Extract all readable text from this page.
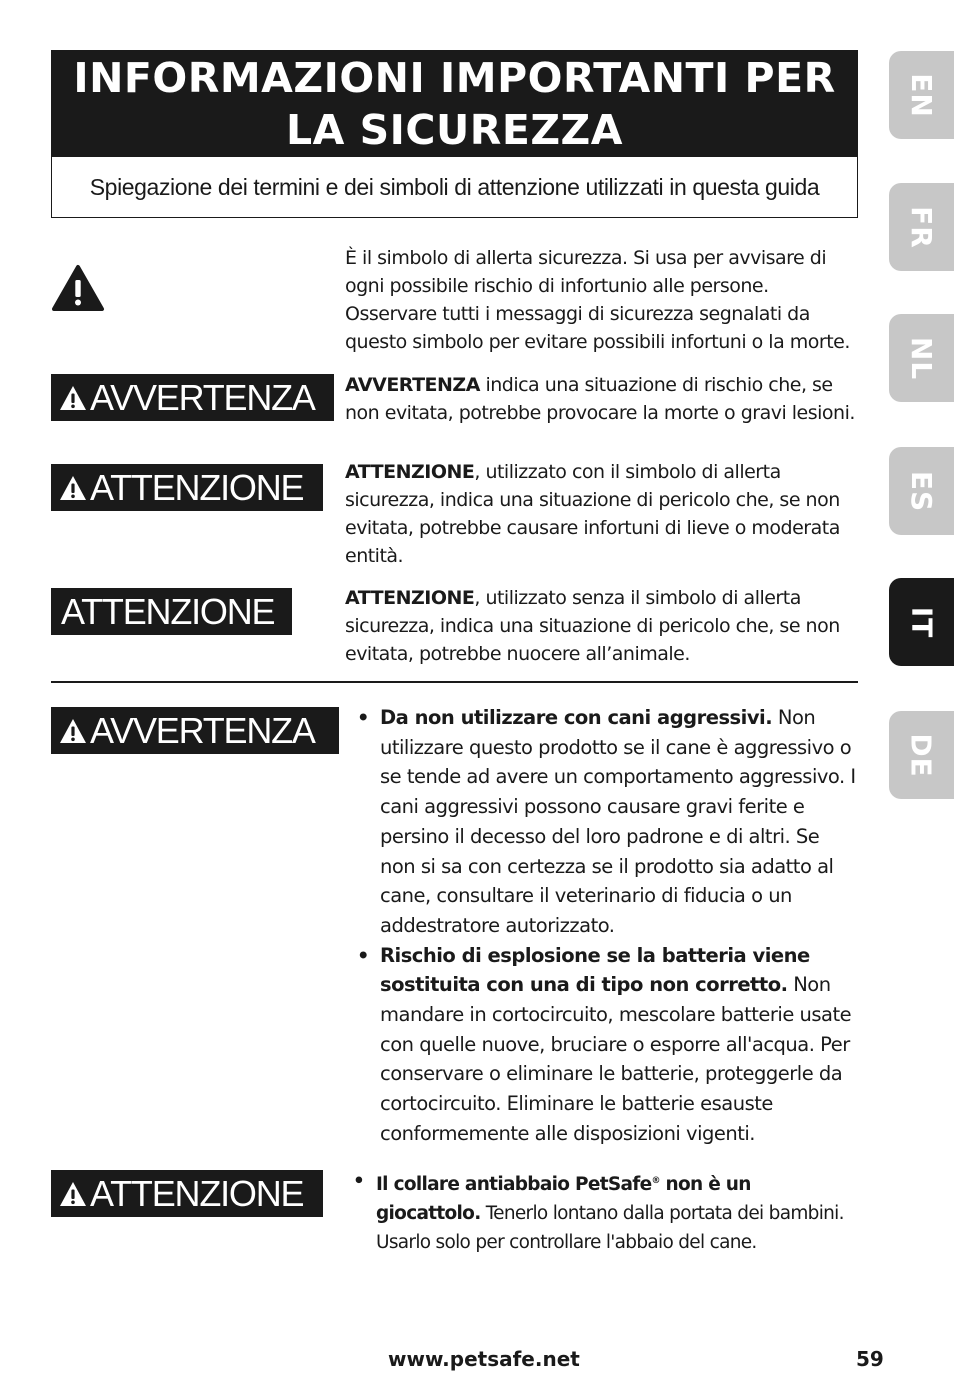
INFORMAZIONI IMPORTANTI PER
LA SICUREZZA
Spiegazione dei termini e dei simboli di attenzione utilizzati in questa guida
È il simbolo di allerta sicurezza. Si usa per avvisare di ogni possibile rischio di infortunio alle persone. Osservare tutti i messaggi di sicurezza segnalati da questo simbolo per evitare possibili infortuni o la morte.
AVVERTENZA AVVERTENZA indica una situazione di rischio che, se non evitata, potrebbe provocare la morte o gravi lesioni.
ATTENZIONE ATTENZIONE, utilizzato con il simbolo di allerta sicurezza, indica una situazione di pericolo che, se non evitata, potrebbe causare infortuni di lieve o moderata entità.
ATTENZIONE	ATTENZIONE, utilizzato senza il simbolo di allerta sicurezza, indica una situazione di pericolo che, se non evitata, potrebbe nuocere all’animale.
AVVERTENZA	• Da non utilizzare con cani aggressivi. Non utilizzare questo prodotto se il cane è aggressivo o se tende ad avere un comportamento aggressivo. I cani aggressivi possono causare gravi ferite e persino il decesso del loro padrone e di altri. Se non si sa con certezza se il prodotto sia adatto al cane, consultare il veterinario di fiducia o un addestratore autorizzato.
• Rischio di esplosione se la batteria viene sostituita con una di tipo non corretto. Non mandare in cortocircuito, mescolare batterie usate con quelle nuove, bruciare o esporre all'acqua. Per conservare o eliminare le batterie, proteggerle da cortocircuito. Eliminare le batterie esauste conformemente alle disposizioni vigenti.
ATTENZIONE	• Il collare antiabbaio PetSafe® non è un giocattolo. Tenerlo lontano dalla portata dei bambini. Usarlo solo per controllare l'abbaio del cane.
EN
FR
NL
ES
IT
DE
www.petsafe.net	59
